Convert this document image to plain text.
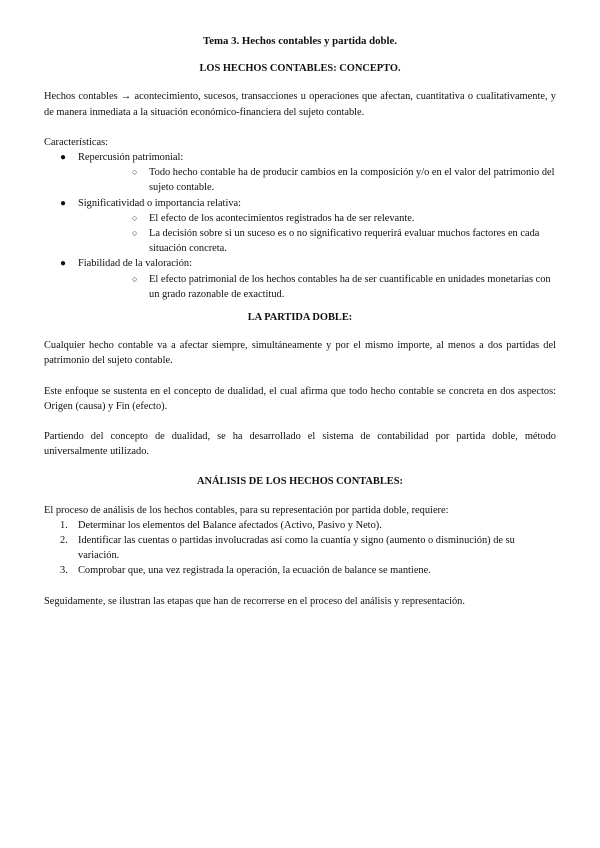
Tema 3. Hechos contables y partida doble.
LOS HECHOS CONTABLES: CONCEPTO.

Hechos contables → acontecimiento, sucesos, transacciones u operaciones que afectan, cuantitativa o cualitativamente, y de manera inmediata a la situación económico-financiera del sujeto contable.

Características:

● Repercusión patrimonial:
○ Todo hecho contable ha de producir cambios en la composición y/o en el valor del patrimonio del sujeto contable.
● Significatividad o importancia relativa:
○ El efecto de los acontecimientos registrados ha de ser relevante.
○ La decisión sobre si un suceso es o no significativo requerirá evaluar muchos factores en cada situación concreta.
● Fiabilidad de la valoración:
○ El efecto patrimonial de los hechos contables ha de ser cuantificable en unidades monetarias con un grado razonable de exactitud.
LA PARTIDA DOBLE:

Cualquier hecho contable va a afectar siempre, simultáneamente y por el mismo importe, al menos a dos partidas del patrimonio del sujeto contable.

Este enfoque se sustenta en el concepto de dualidad, el cual afirma que todo hecho contable se concreta en dos aspectos: Origen (causa) y Fin (efecto).

Partiendo del concepto de dualidad, se ha desarrollado el sistema de contabilidad por partida doble, método universalmente utilizado.

ANÁLISIS DE LOS HECHOS CONTABLES:

El proceso de análisis de los hechos contables, para su representación por partida doble, requiere:

1. Determinar los elementos del Balance afectados (Activo, Pasivo y Neto).
2. Identificar las cuentas o partidas involucradas así como la cuantía y signo (aumento o disminución) de su variación.
3. Comprobar que, una vez registrada la operación, la ecuación de balance se mantiene.

Seguidamente, se ilustran las etapas que han de recorrerse en el proceso del análisis y representación.
